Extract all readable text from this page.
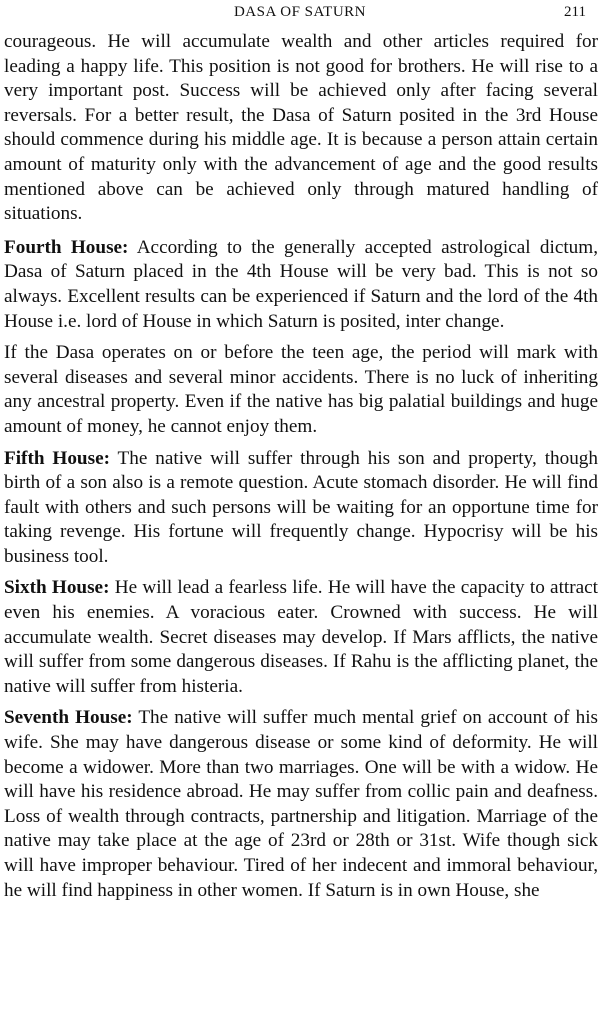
DASA OF SATURN	211

courageous. He will accumulate wealth and other articles required for leading a happy life. This position is not good for brothers. He will rise to a very important post. Success will be achieved only after facing several reversals. For a better result, the Dasa of Saturn posited in the 3rd House should commence during his middle age. It is because a person attain certain amount of maturity only with the advancement of age and the good results mentioned above can be achieved only through matured handling of situations.

Fourth House: According to the generally accepted astrological dictum, Dasa of Saturn placed in the 4th House will be very bad. This is not so always. Excellent results can be experienced if Saturn and the lord of the 4th House i.e. lord of House in which Saturn is posited, inter change.

If the Dasa operates on or before the teen age, the period will mark with several diseases and several minor accidents. There is no luck of inheriting any ancestral property. Even if the native has big palatial buildings and huge amount of money, he cannot enjoy them.

Fifth House: The native will suffer through his son and property, though birth of a son also is a remote question. Acute stomach disorder. He will find fault with others and such persons will be waiting for an opportune time for taking revenge. His fortune will frequently change. Hypocrisy will be his business tool.

Sixth House: He will lead a fearless life. He will have the capacity to attract even his enemies. A voracious eater. Crowned with success. He will accumulate wealth. Secret diseases may develop. If Mars afflicts, the native will suffer from some dangerous diseases. If Rahu is the afflicting planet, the native will suffer from histeria.

Seventh House: The native will suffer much mental grief on account of his wife. She may have dangerous disease or some kind of deformity. He will become a widower. More than two marriages. One will be with a widow. He will have his residence abroad. He may suffer from collic pain and deafness. Loss of wealth through contracts, partnership and litigation. Marriage of the native may take place at the age of 23rd or 28th or 31st. Wife though sick will have improper behaviour. Tired of her indecent and immoral behaviour, he will find happiness in other women. If Saturn is in own House, she
